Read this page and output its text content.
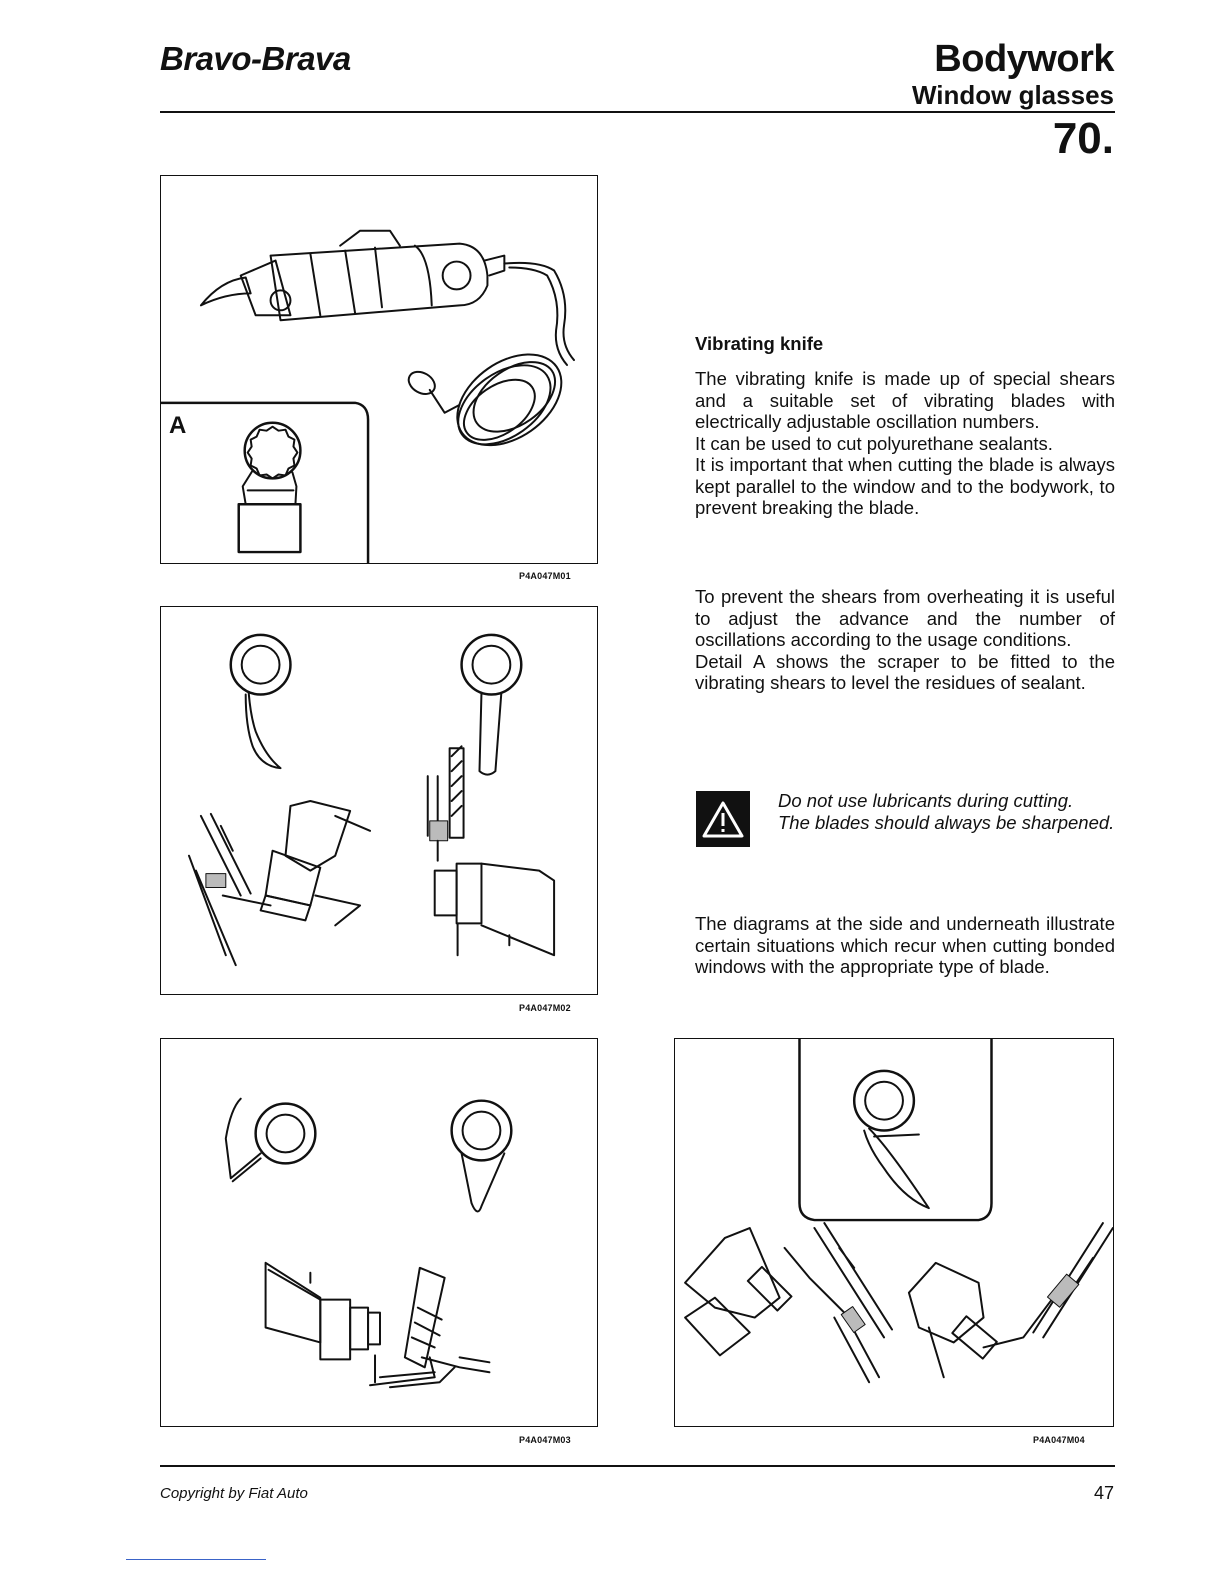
Bravo-Brava	Bodywork
Window glasses
70.
A
P4A047M01
P4A047M02
P4A047M03	P4A047M04
Vibrating knife

The vibrating knife is made up of special shears and a suitable set of vibrating blades with electrically adjustable oscillation numbers.

It can be used to cut polyurethane sealants.

It is important that when cutting the blade is always kept parallel to the window and to the bodywork, to prevent breaking the blade.

To prevent the shears from overheating it is useful to adjust the advance and the number of oscillations according to the usage conditions.

Detail A shows the scraper to be fitted to the vibrating shears to level the residues of sealant.

Do not use lubricants during cutting.

The blades should always be sharpened.

The diagrams at the side and underneath illustrate certain situations which recur when cutting bonded windows with the appropriate type of blade.

Copyright by Fiat Auto	47
